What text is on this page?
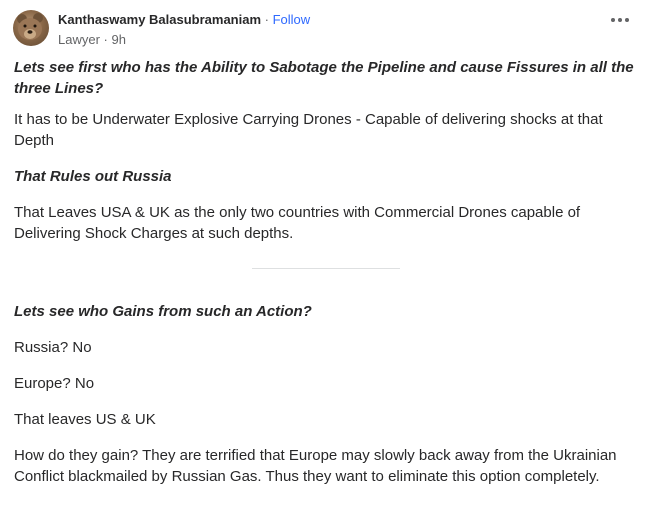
Kanthaswamy Balasubramaniam · Follow
Lawyer · 9h

Lets see first who has the Ability to Sabotage the Pipeline and cause Fissures in all the three Lines?

It has to be Underwater Explosive Carrying Drones - Capable of delivering shocks at that Depth

That Rules out Russia

That Leaves USA & UK as the only two countries with Commercial Drones capable of Delivering Shock Charges at such depths.

Lets see who Gains from such an Action?

Russia? No

Europe? No

That leaves US & UK

How do they gain? They are terrified that Europe may slowly back away from the Ukrainian Conflict blackmailed by Russian Gas. Thus they want to eliminate this option completely.
